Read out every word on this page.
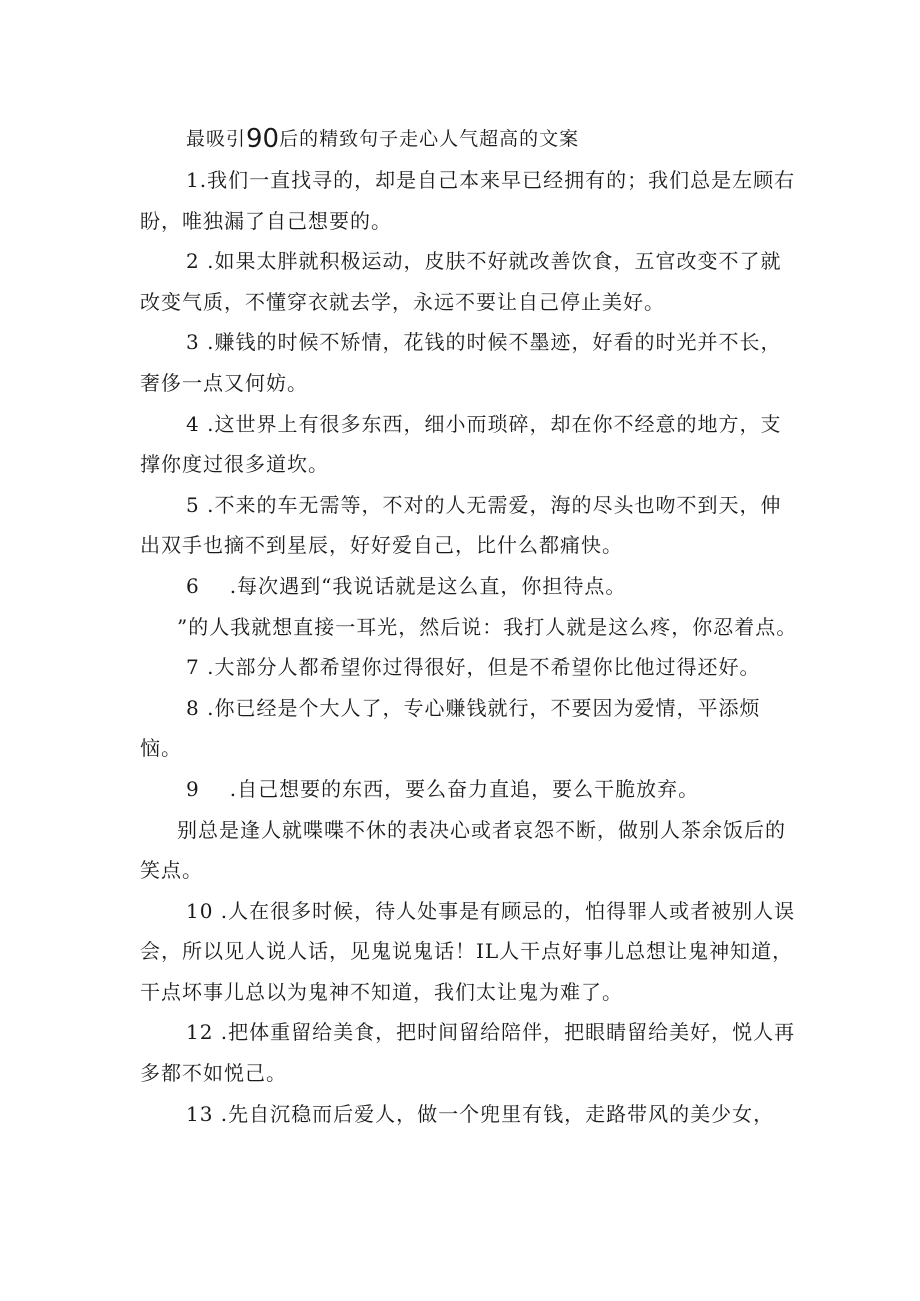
最吸引90后的精致句子走心人气超高的文案

1.我们一直找寻的，却是自己本来早已经拥有的；我们总是左顾右盼，唯独漏了自己想要的。

2 .如果太胖就积极运动，皮肤不好就改善饮食，五官改变不了就改变气质，不懂穿衣就去学，永远不要让自己停止美好。

3 .赚钱的时候不矫情，花钱的时候不墨迹，好看的时光并不长，奢侈一点又何妨。

4 .这世界上有很多东西，细小而琐碎，却在你不经意的地方，支撑你度过很多道坎。

5 .不来的车无需等，不对的人无需爱，海的尽头也吻不到天，伸出双手也摘不到星辰，好好爱自己，比什么都痛快。

6 .每次遇到“我说话就是这么直，你担待点。

”的人我就想直接一耳光，然后说：我打人就是这么疼，你忍着点。

7 .大部分人都希望你过得很好，但是不希望你比他过得还好。

8 .你已经是个大人了，专心赚钱就行，不要因为爱情，平添烦恼。

9 .自己想要的东西，要么奋力直追，要么干脆放弃。

别总是逢人就喋喋不休的表决心或者哀怨不断，做别人茶余饭后的笑点。

10 .人在很多时候，待人处事是有顾忌的，怕得罪人或者被别人误会，所以见人说人话，见鬼说鬼话！IL人干点好事儿总想让鬼神知道，干点坏事儿总以为鬼神不知道，我们太让鬼为难了。

12 .把体重留给美食，把时间留给陪伴，把眼睛留给美好，悦人再多都不如悦己。

13 .先自沉稳而后爱人，做一个兜里有钱，走路带风的美少女，
